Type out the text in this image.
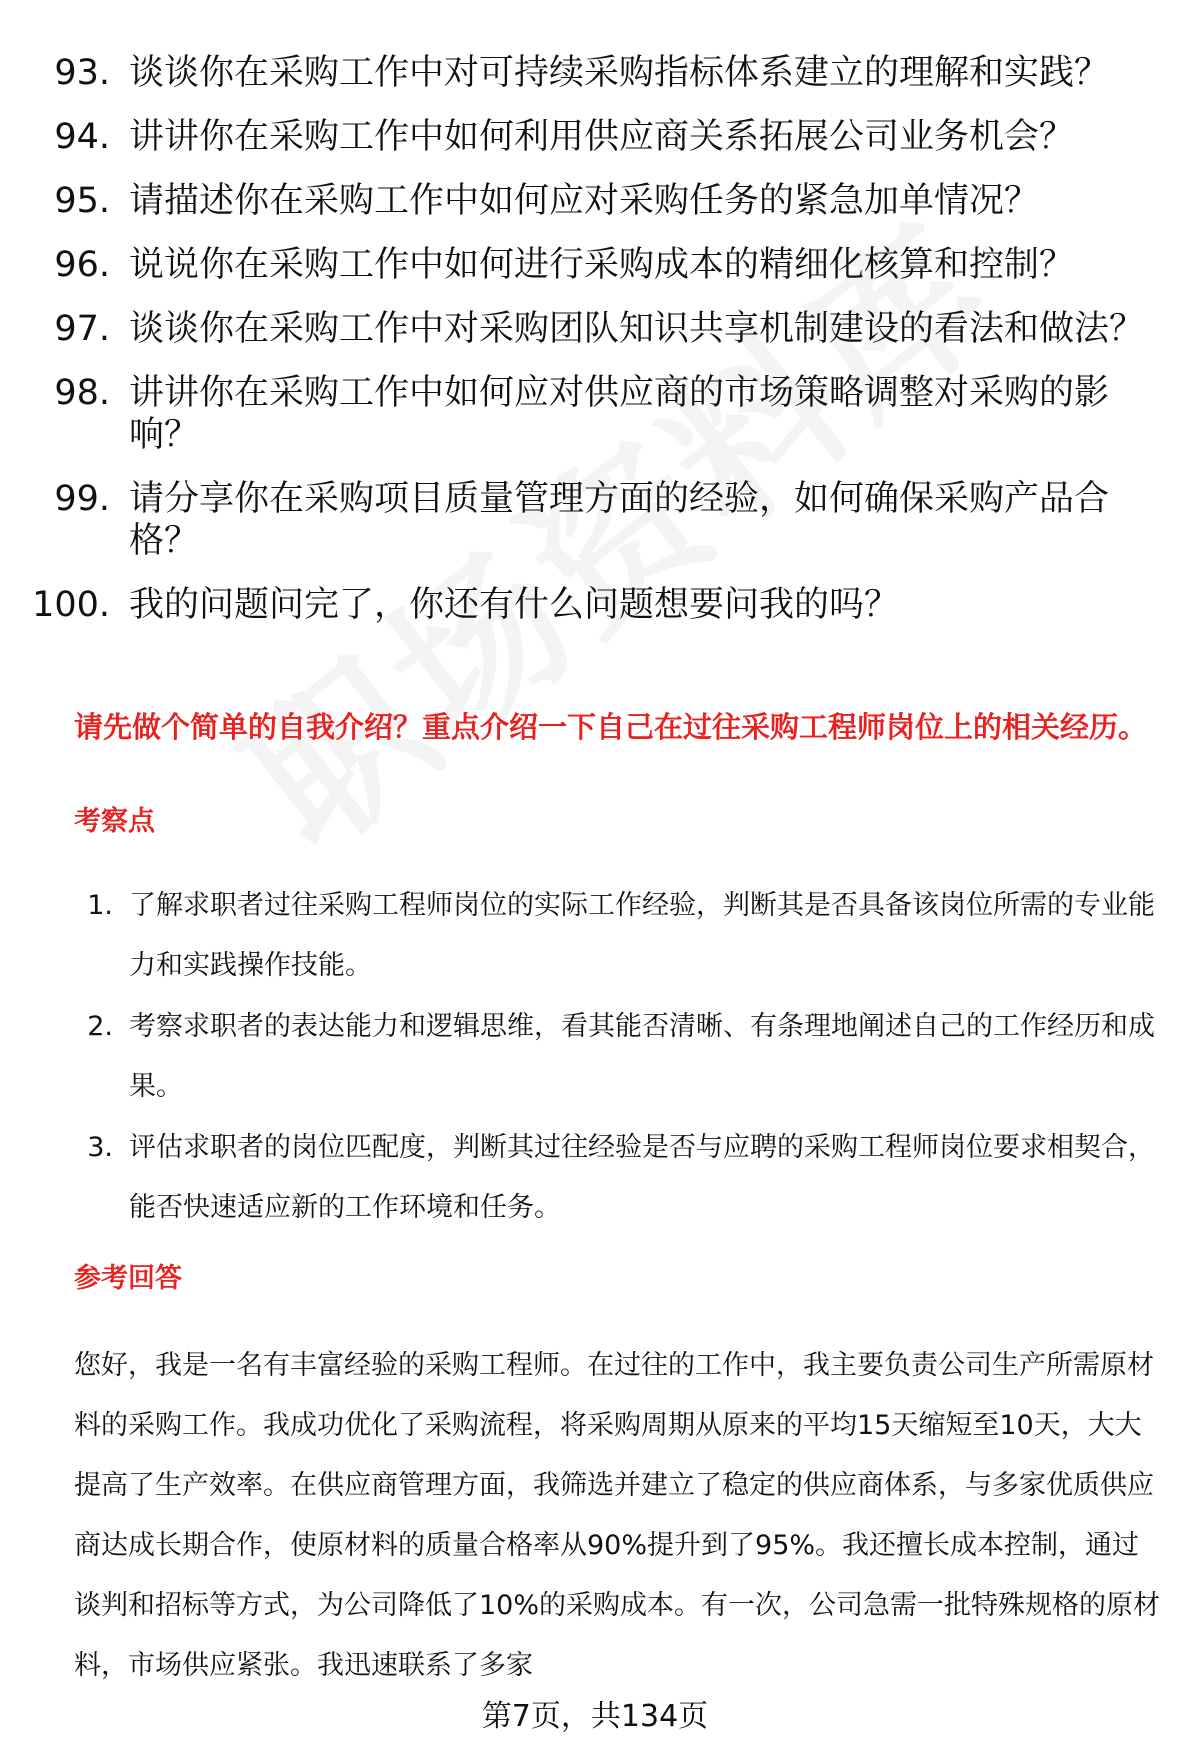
93. 谈谈你在采购工作中对可持续采购指标体系建立的理解和实践？
94. 讲讲你在采购工作中如何利用供应商关系拓展公司业务机会？
95. 请描述你在采购工作中如何应对采购任务的紧急加单情况？
96. 说说你在采购工作中如何进行采购成本的精细化核算和控制？
97. 谈谈你在采购工作中对采购团队知识共享机制建设的看法和做法？
98. 讲讲你在采购工作中如何应对供应商的市场策略调整对采购的影响？
99. 请分享你在采购项目质量管理方面的经验，如何确保采购产品合格？
100. 我的问题问完了，你还有什么问题想要问我的吗？
请先做个简单的自我介绍？重点介绍一下自己在过往采购工程师岗位上的相关经历。
考察点
1. 了解求职者过往采购工程师岗位的实际工作经验，判断其是否具备该岗位所需的专业能力和实践操作技能。
2. 考察求职者的表达能力和逻辑思维，看其能否清晰、有条理地阐述自己的工作经历和成果。
3. 评估求职者的岗位匹配度，判断其过往经验是否与应聘的采购工程师岗位要求相契合，能否快速适应新的工作环境和任务。
参考回答
您好，我是一名有丰富经验的采购工程师。在过往的工作中，我主要负责公司生产所需原材料的采购工作。我成功优化了采购流程，将采购周期从原来的平均15天缩短至10天，大大提高了生产效率。在供应商管理方面，我筛选并建立了稳定的供应商体系，与多家优质供应商达成长期合作，使原材料的质量合格率从90%提升到了95%。我还擅长成本控制，通过谈判和招标等方式，为公司降低了10%的采购成本。有一次，公司急需一批特殊规格的原材料，市场供应紧张。我迅速联系了多家
第7页，共134页
